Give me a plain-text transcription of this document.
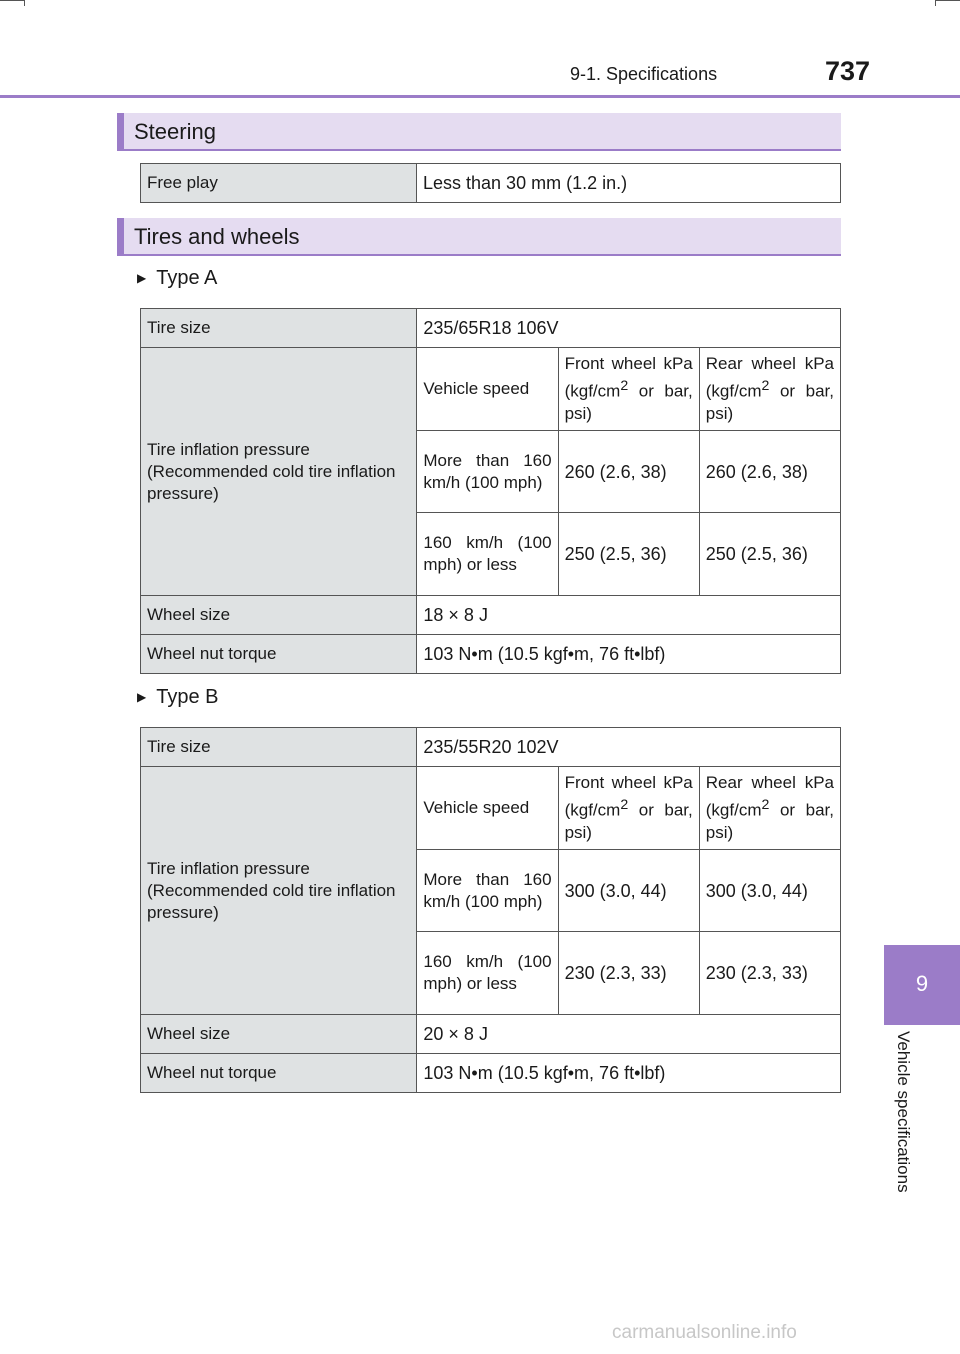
9-1. Specifications	737
Steering
Free play	Less than 30 mm (1.2 in.)
Tires and wheels
▶ Type A
Tire size	235/65R18 106V		
Tire inflation pressure
(Recommended cold tire inflation pressure)	Vehicle speed	Front wheel kPa ($kgf/cm^2$ or bar, psi)	Rear wheel kPa ($kgf/cm^2$ or bar, psi)
	More than 160 km/h (100 mph)	260 (2.6, 38)	260 (2.6, 38)
	160 km/h (100 mph) or less	250 (2.5, 36)	250 (2.5, 36)
Wheel size	18 × 8 J		
Wheel nut torque	103 N•m (10.5 kgf•m, 76 ft•lbf)		
▶ Type B
Tire size	235/55R20 102V		
Tire inflation pressure
(Recommended cold tire inflation pressure)	Vehicle speed	Front wheel kPa ($kgf/cm^2$ or bar, psi)	Rear wheel kPa ($kgf/cm^2$ or bar, psi)
	More than 160 km/h (100 mph)	300 (3.0, 44)	300 (3.0, 44)
	160 km/h (100 mph) or less	230 (2.3, 33)	230 (2.3, 33)
Wheel size	20 × 8 J		
Wheel nut torque	103 N•m (10.5 kgf•m, 76 ft•lbf)		
9
Vehicle specifications
carmanualsonline.info
